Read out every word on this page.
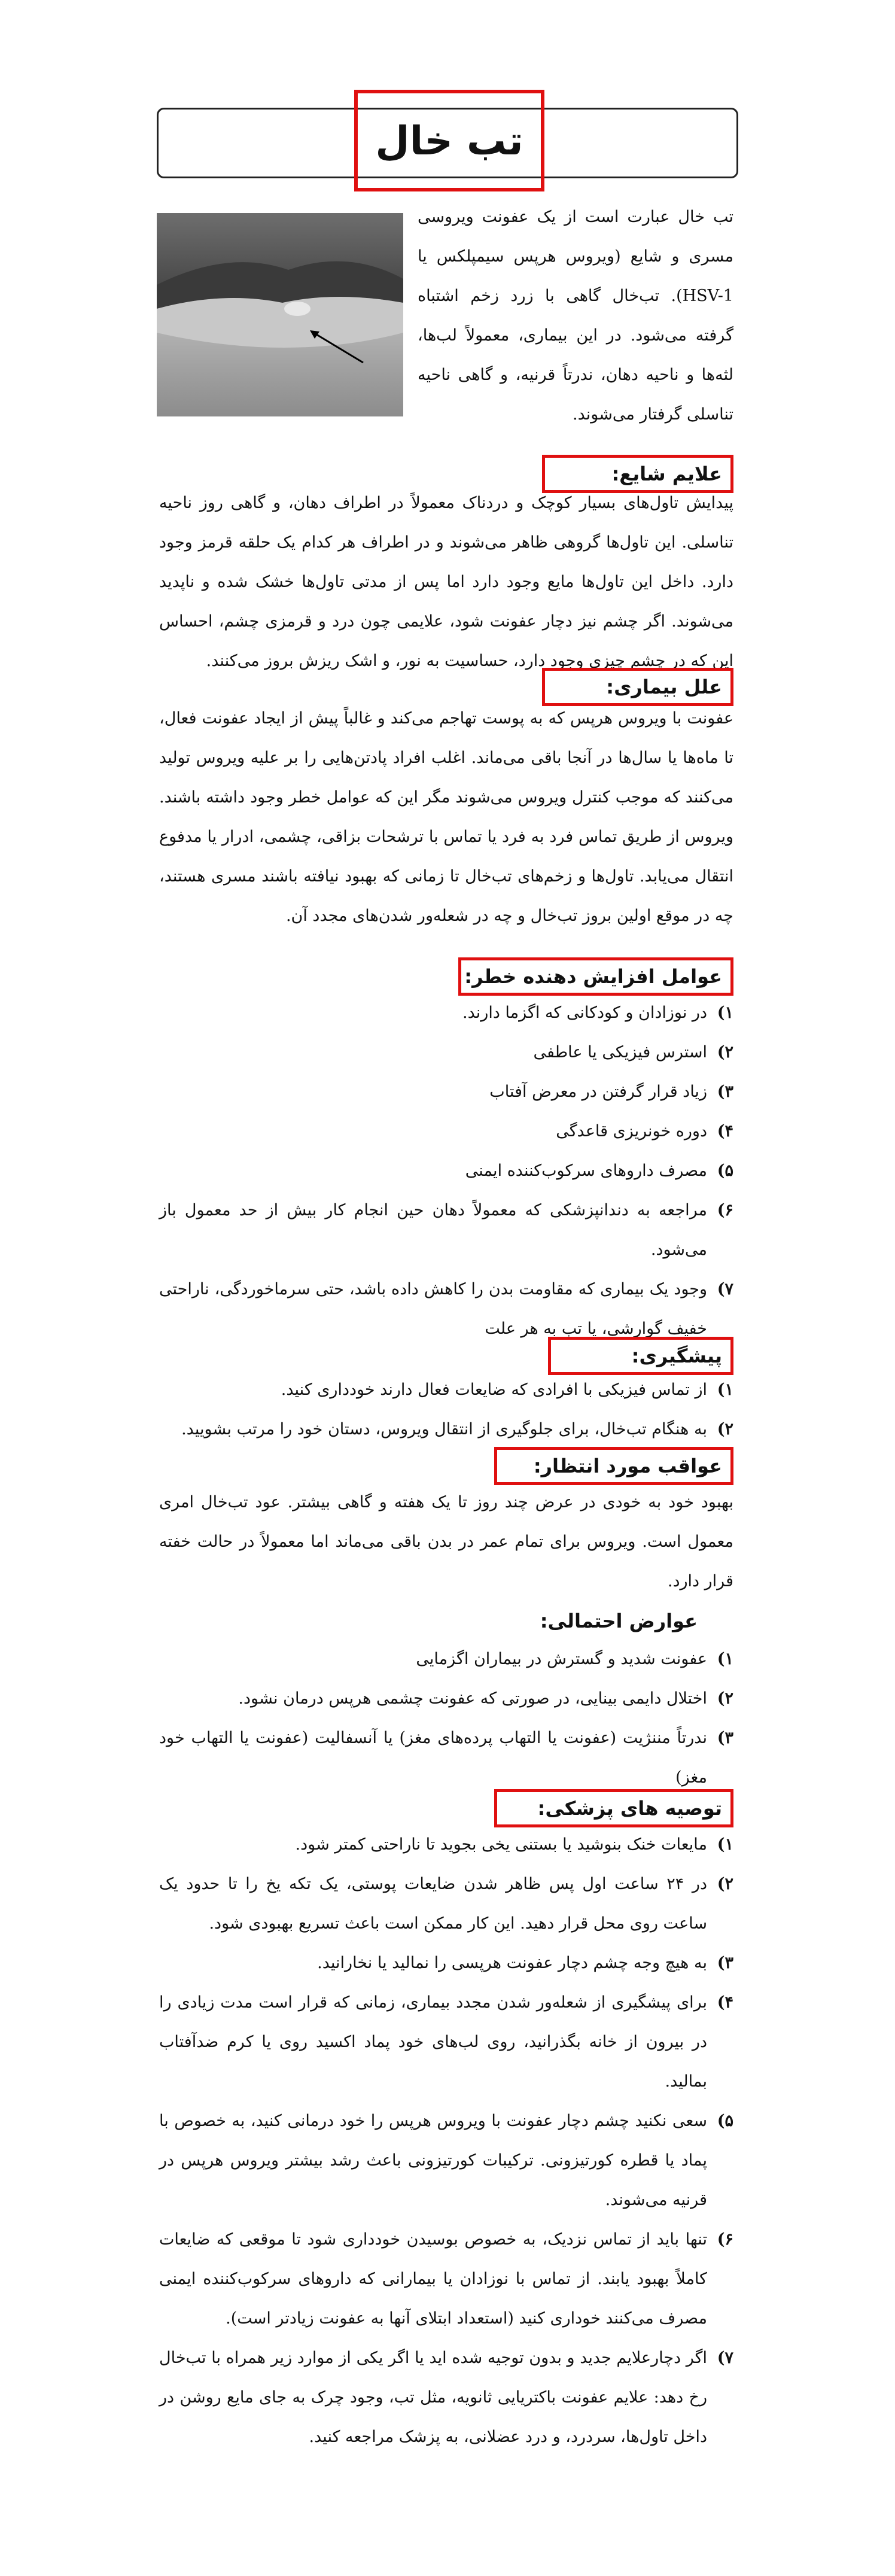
تب خال
تب خال عبارت است از یک عفونت ویروسی مسری و شایع (ویروس هرپس سیمپلکس یا HSV-1). تب‌خال گاهی با زرد زخم اشتباه گرفته می‌شود. در این بیماری، معمولاً لب‌ها، لثه‌ها و ناحیه دهان، ندرتاً قرنیه، و گاهی ناحیه تناسلی گرفتار می‌شوند.
علایم شایع:
پیدایش تاول‌های بسیار کوچک و دردناک معمولاً در اطراف دهان، و گاهی روز ناحیه تناسلی. این تاول‌ها گروهی ظاهر می‌شوند و در اطراف هر کدام یک حلقه قرمز وجود دارد. داخل این تاول‌ها مایع وجود دارد اما پس از مدتی تاول‌ها خشک شده و ناپدید می‌شوند. اگر چشم نیز دچار عفونت شود، علایمی چون درد و قرمزی چشم، احساس این که در چشم چیزی وجود دارد، حساسیت به نور، و اشک ریزش بروز می‌کنند.
علل بیماری:
عفونت با ویروس هرپس که به پوست تهاجم می‌کند و غالباً پیش از ایجاد عفونت فعال، تا ماه‌ها یا سال‌ها در آنجا باقی می‌ماند. اغلب افراد پادتن‌هایی را بر علیه ویروس تولید می‌کنند که موجب کنترل ویروس می‌شوند مگر این که عوامل خطر وجود داشته باشند. ویروس از طریق تماس فرد به فرد یا تماس با ترشحات بزاقی، چشمی، ادرار یا مدفوع انتقال می‌یابد. تاول‌ها و زخم‌های تب‌خال تا زمانی که بهبود نیافته باشند مسری هستند، چه در موقع اولین بروز تب‌خال و چه در شعله‌ور شدن‌های مجدد آن.
عوامل افزایش دهنده خطر:
۱)
در نوزادان و کودکانی که اگزما دارند.
۲)
استرس فیزیکی یا عاطفی
۳)
زیاد قرار گرفتن در معرض آفتاب
۴)
دوره خونریزی قاعدگی
۵)
مصرف داروهای سرکوب‌کننده ایمنی
۶)
مراجعه به دندانپزشکی که معمولاً دهان حین انجام کار بیش از حد معمول باز می‌شود.
۷)
وجود یک بیماری که مقاومت بدن را کاهش داده باشد، حتی سرماخوردگی، ناراحتی خفیف گوارشی، یا تب به هر علت
پیشگیری:
۱)
از تماس فیزیکی با افرادی که ضایعات فعال دارند خودداری کنید.
۲)
به هنگام تب‌خال، برای جلوگیری از انتقال ویروس، دستان خود را مرتب بشویید.
عواقب مورد انتظار:
بهبود خود به خودی در عرض چند روز تا یک هفته و گاهی بیشتر. عود تب‌خال امری معمول است. ویروس برای تمام عمر در بدن باقی می‌ماند اما معمولاً در حالت خفته قرار دارد.
عوارض احتمالی:
۱)
عفونت شدید و گسترش در بیماران اگزمایی
۲)
اختلال دایمی بینایی، در صورتی که عفونت چشمی هرپس درمان نشود.
۳)
ندرتاً مننژیت (عفونت یا التهاب پرده‌های مغز) یا آنسفالیت (عفونت یا التهاب خود مغز)
توصیه های پزشکی:
۱)
مایعات خنک بنوشید یا بستنی یخی بجوید تا ناراحتی کمتر شود.
۲)
در ۲۴ ساعت اول پس ظاهر شدن ضایعات پوستی، یک تکه یخ را تا حدود یک ساعت روی محل قرار دهید. این کار ممکن است باعث تسریع بهبودی شود.
۳)
به هیچ وجه چشم دچار عفونت هرپسی را نمالید یا نخارانید.
۴)
برای پیشگیری از شعله‌ور شدن مجدد بیماری، زمانی که قرار است مدت زیادی را در بیرون از خانه بگذرانید، روی لب‌های خود پماد اکسید روی یا کرم ضدآفتاب بمالید.
۵)
سعی نکنید چشم دچار عفونت با ویروس هرپس را خود درمانی کنید، به خصوص با پماد یا قطره کورتیزونی. ترکیبات کورتیزونی باعث رشد بیشتر ویروس هرپس در قرنیه می‌شوند.
۶)
تنها باید از تماس نزدیک، به خصوص بوسیدن خودداری شود تا موقعی که ضایعات کاملاً بهبود یابند. از تماس با نوزادان یا بیمارانی که داروهای سرکوب‌کننده ایمنی مصرف می‌کنند خوداری کنید (استعداد ابتلای آنها به عفونت زیادتر است).
۷)
اگر دچارعلایم جدید و بدون توجیه شده اید یا اگر یکی از موارد زیر همراه با تب‌خال رخ دهد: علایم عفونت باکتریایی ثانویه، مثل تب، وجود چرک به جای مایع روشن در داخل تاول‌ها، سردرد، و درد عضلانی، به پزشک مراجعه کنید.
